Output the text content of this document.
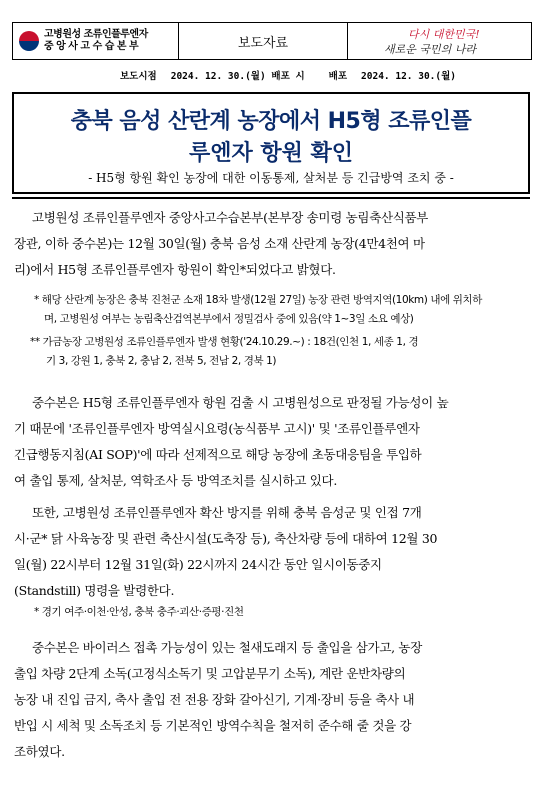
고병원성 조류인플루엔자
중 앙 사 고 수 습 본 부	보도자료
다시 대한민국!
새로운 국민의 나라
보도시점 2024. 12. 30.(월) 배포 시	배포 2024. 12. 30.(월)
충북 음성 산란계 농장에서 H5형 조류인플
루엔자 항원 확인
- H5형 항원 확인 농장에 대한 이동통제, 살처분 등 긴급방역 조치 중 -
고병원성 조류인플루엔자 중앙사고수습본부(본부장 송미령 농림축산식품부
장관, 이하 중수본)는 12월 30일(월) 충북 음성 소재 산란계 농장(4만4천여 마
리)에서 H5형 조류인플루엔자 항원이 확인*되었다고 밝혔다.
* 해당 산란계 농장은 충북 진천군 소재 18차 발생(12월 27일) 농장 관련 방역지역(10km) 내에 위치하
며, 고병원성 여부는 농림축산검역본부에서 정밀검사 중에 있음(약 1~3일 소요 예상)
** 가금농장 고병원성 조류인플루엔자 발생 현황('24.10.29.~) : 18건(인천 1, 세종 1, 경
기 3, 강원 1, 충북 2, 충남 2, 전북 5, 전남 2, 경북 1)
중수본은 H5형 조류인플루엔자 항원 검출 시 고병원성으로 판정될 가능성이 높
기 때문에 '조류인플루엔자 방역실시요령(농식품부 고시)' 및 '조류인플루엔자
긴급행동지침(AI SOP)'에 따라 선제적으로 해당 농장에 초동대응팀을 투입하
여 출입 통제, 살처분, 역학조사 등 방역조치를 실시하고 있다.
또한, 고병원성 조류인플루엔자 확산 방지를 위해 충북 음성군 및 인접 7개
시·군* 닭 사육농장 및 관련 축산시설(도축장 등), 축산차량 등에 대하여 12월 30
일(월) 22시부터 12월 31일(화) 22시까지 24시간 동안 일시이동중지
(Standstill) 명령을 발령한다.
* 경기 여주·이천·안성, 충북 충주·괴산·증평·진천
중수본은 바이러스 접촉 가능성이 있는 철새도래지 등 출입을 삼가고, 농장
출입 차량 2단계 소독(고정식소독기 및 고압분무기 소독), 계란 운반차량의
농장 내 진입 금지, 축사 출입 전 전용 장화 갈아신기, 기계·장비 등을 축사 내
반입 시 세척 및 소독조치 등 기본적인 방역수칙을 철저히 준수해 줄 것을 강
조하였다.
